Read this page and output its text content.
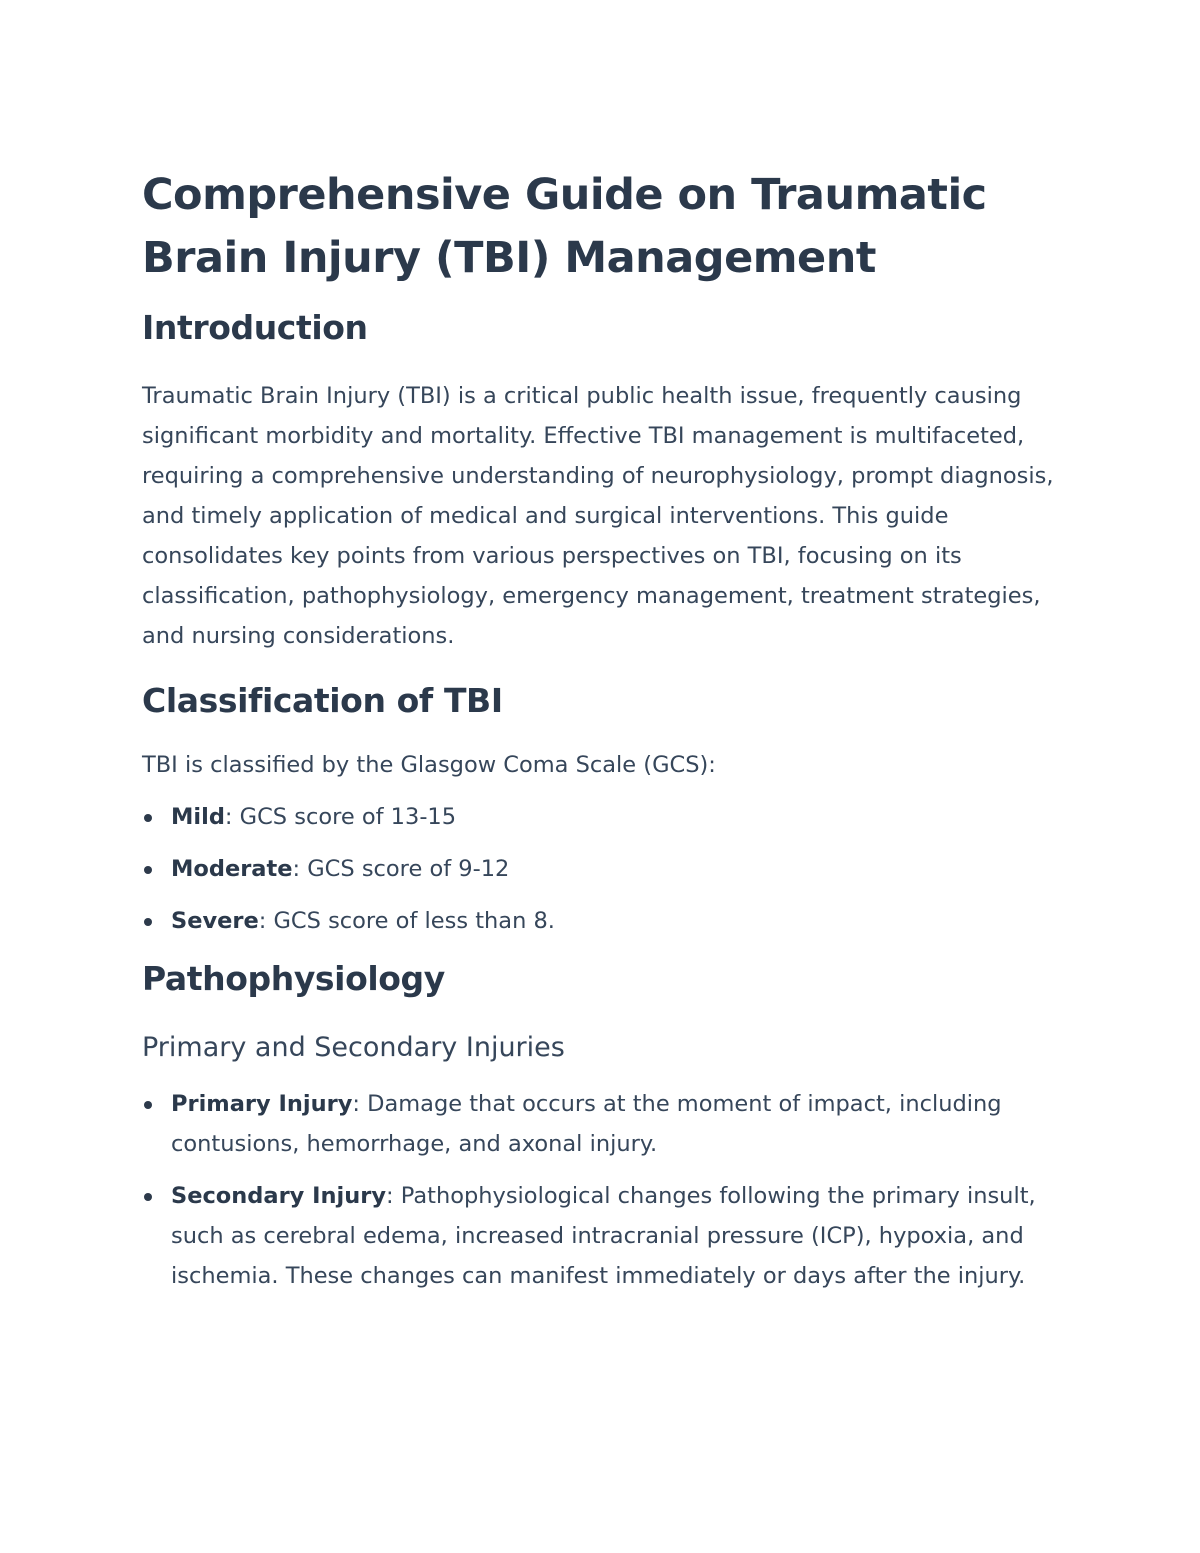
Comprehensive Guide on Traumatic Brain Injury (TBI) Management
Introduction

Traumatic Brain Injury (TBI) is a critical public health issue, frequently causing significant morbidity and mortality. Effective TBI management is multifaceted, requiring a comprehensive understanding of neurophysiology, prompt diagnosis, and timely application of medical and surgical interventions. This guide consolidates key points from various perspectives on TBI, focusing on its classification, pathophysiology, emergency management, treatment strategies, and nursing considerations.

Classification of TBI

TBI is classified by the Glasgow Coma Scale (GCS):

Mild: GCS score of 13-15
Moderate: GCS score of 9-12
Severe: GCS score of less than 8.
Pathophysiology
Primary and Secondary Injuries
Primary Injury: Damage that occurs at the moment of impact, including contusions, hemorrhage, and axonal injury.
Secondary Injury: Pathophysiological changes following the primary insult, such as cerebral edema, increased intracranial pressure (ICP), hypoxia, and ischemia. These changes can manifest immediately or days after the injury.
